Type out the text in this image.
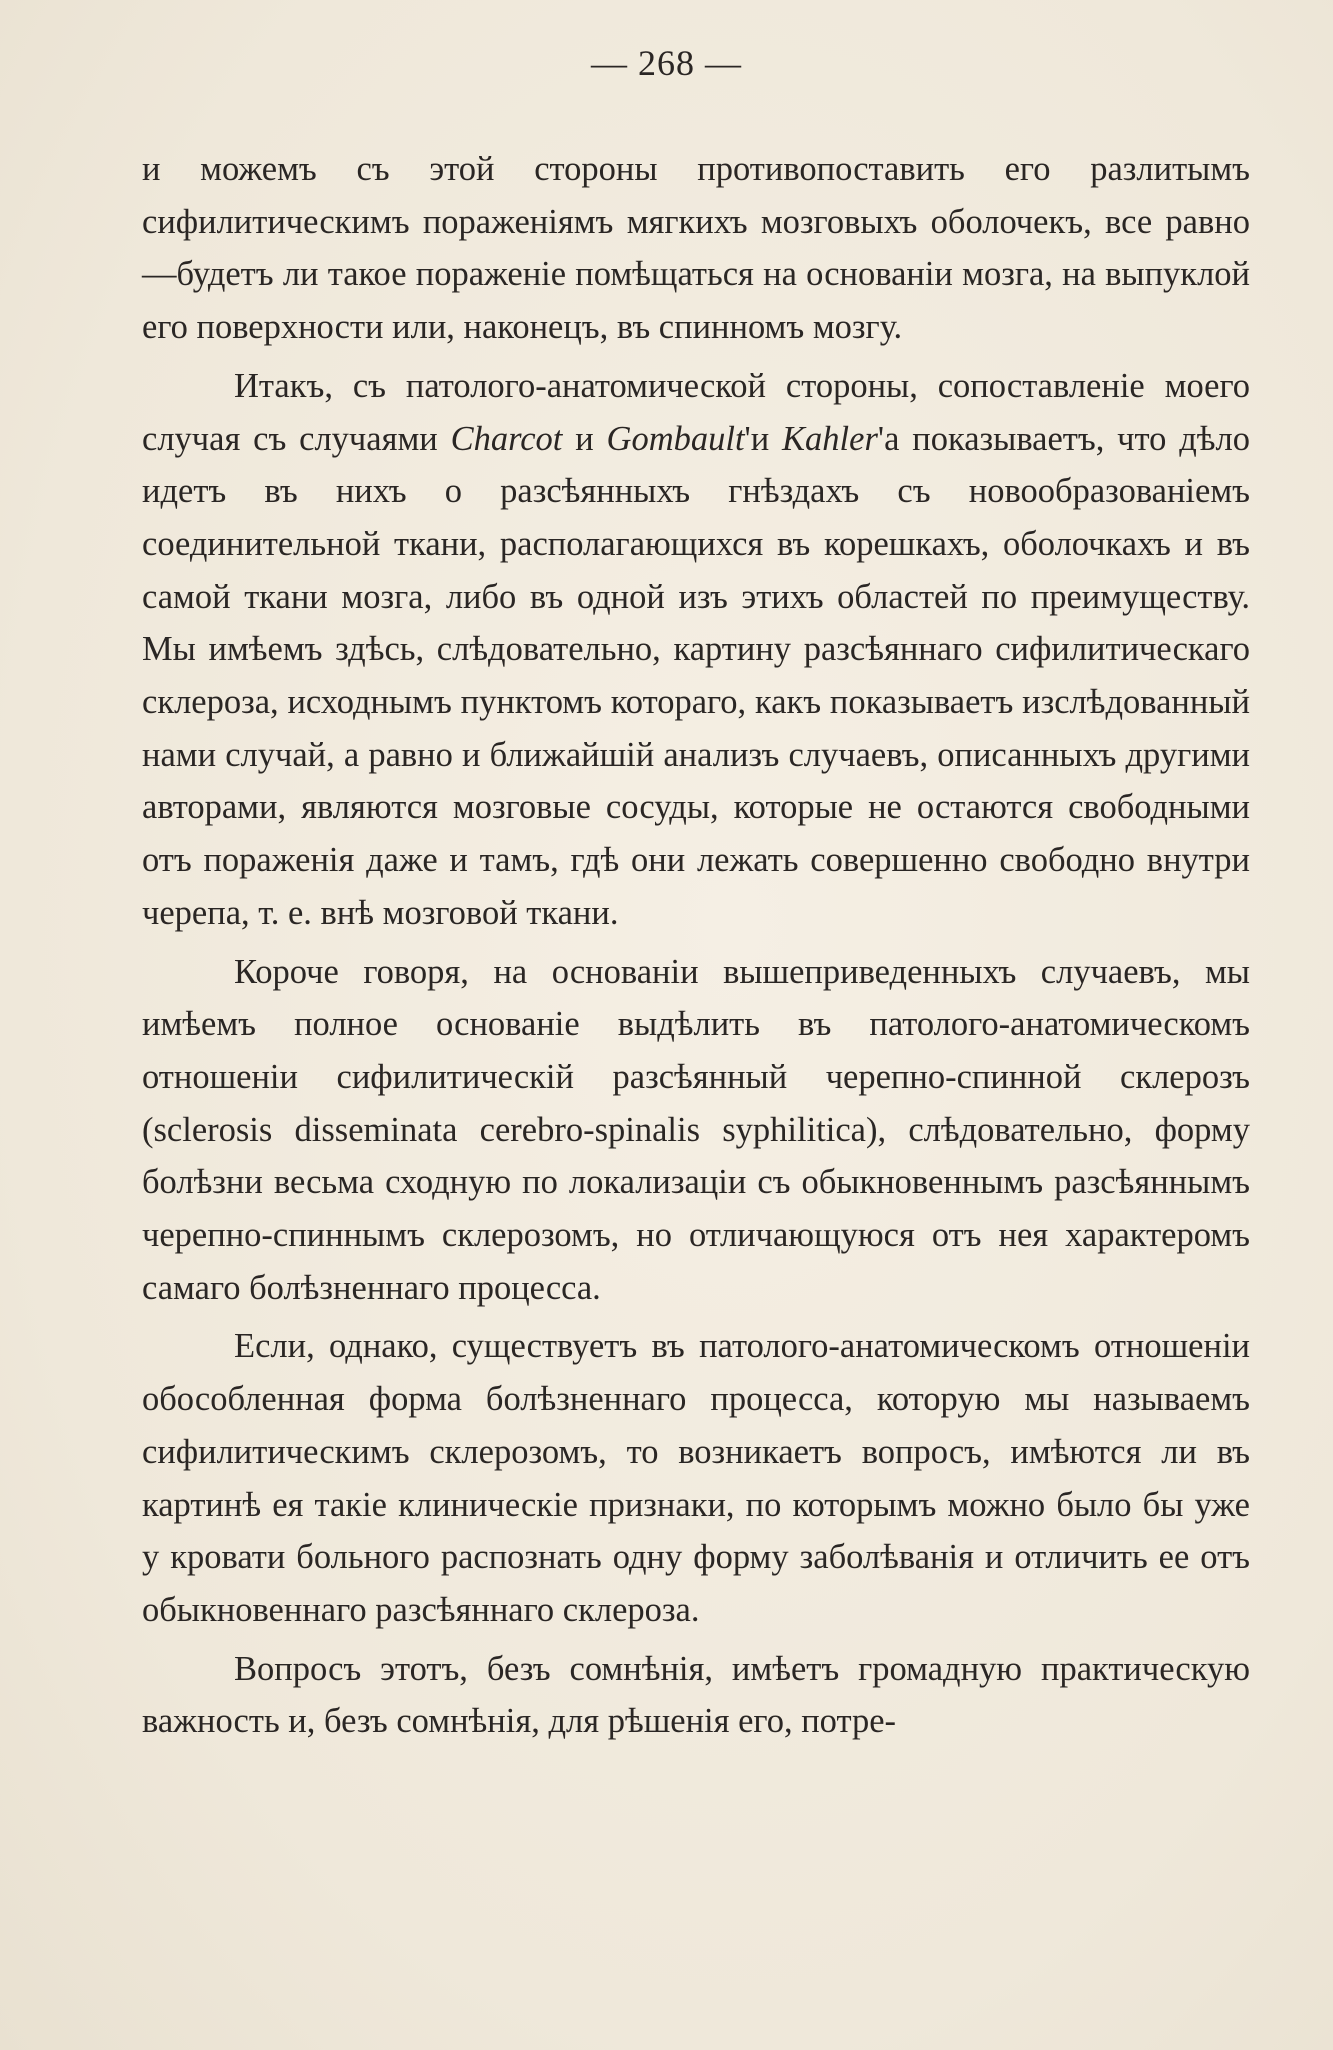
— 268 —

и можемъ съ этой стороны противопоставить его разлитымъ сифилитическимъ пораженіямъ мягкихъ мозговыхъ оболочекъ, все равно—будетъ ли такое пораженіе помѣщаться на основаніи мозга, на выпуклой его поверхности или, наконецъ, въ спинномъ мозгу.

Итакъ, съ патолого-анатомической стороны, сопоставленіе моего случая съ случаями Charcot и Gombault'и Kahler'а показываетъ, что дѣло идетъ въ нихъ о разсѣянныхъ гнѣздахъ съ новообразованіемъ соединительной ткани, располагающихся въ корешкахъ, оболочкахъ и въ самой ткани мозга, либо въ одной изъ этихъ областей по преимуществу. Мы имѣемъ здѣсь, слѣдовательно, картину разсѣяннаго сифилитическаго склероза, исходнымъ пунктомъ котораго, какъ показываетъ изслѣдованный нами случай, а равно и ближайшій анализъ случаевъ, описанныхъ другими авторами, являются мозговые сосуды, которые не остаются свободными отъ пораженія даже и тамъ, гдѣ они лежать совершенно свободно внутри черепа, т. е. внѣ мозговой ткани.

Короче говоря, на основаніи вышеприведенныхъ случаевъ, мы имѣемъ полное основаніе выдѣлить въ патолого-анатомическомъ отношеніи сифилитическій разсѣянный черепно-спинной склерозъ (sclerosis disseminata cerebro-spinalis syphilitica), слѣдовательно, форму болѣзни весьма сходную по локализаціи съ обыкновеннымъ разсѣяннымъ черепно-спиннымъ склерозомъ, но отличающуюся отъ нея характеромъ самаго болѣзненнаго процесса.

Если, однако, существуетъ въ патолого-анатомическомъ отношеніи обособленная форма болѣзненнаго процесса, которую мы называемъ сифилитическимъ склерозомъ, то возникаетъ вопросъ, имѣются ли въ картинѣ ея такіе клиническіе признаки, по которымъ можно было бы уже у кровати больного распознать одну форму заболѣванія и отличить ее отъ обыкновеннаго разсѣяннаго склероза.

Вопросъ этотъ, безъ сомнѣнія, имѣетъ громадную практическую важность и, безъ сомнѣнія, для рѣшенія его, потре-
